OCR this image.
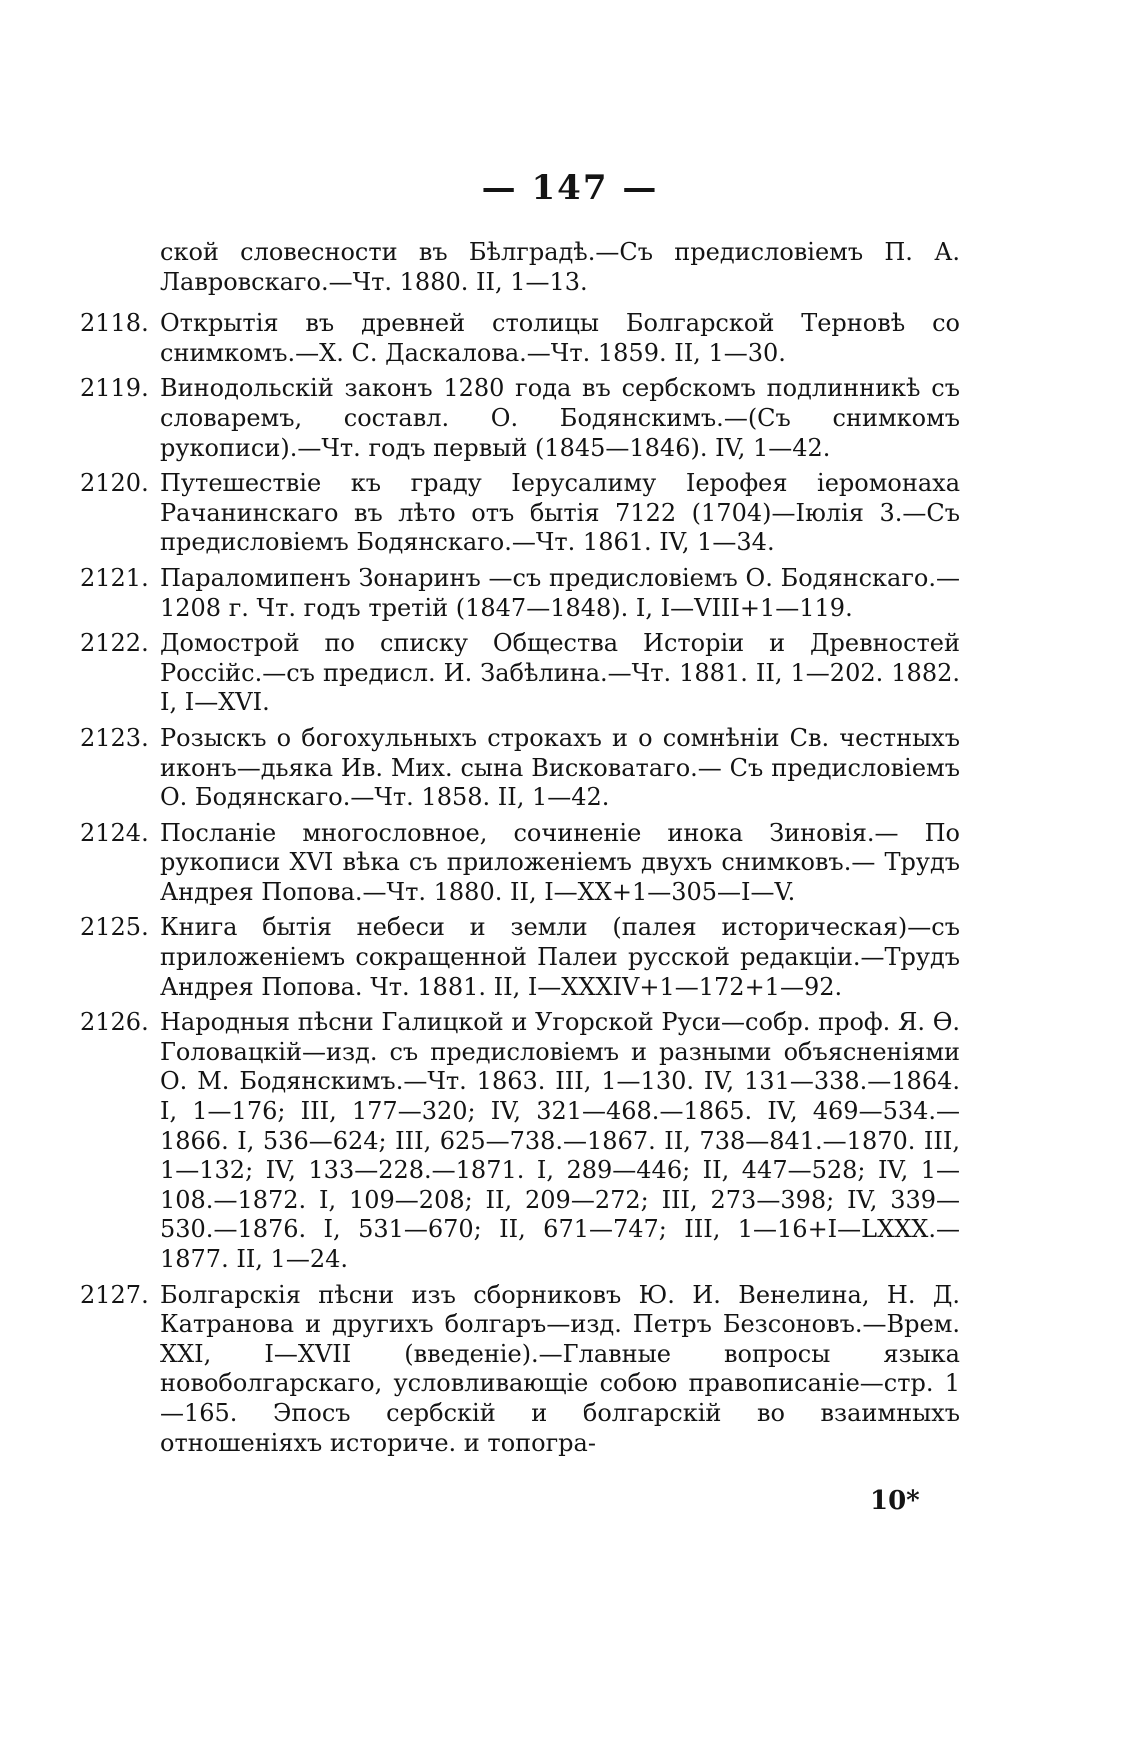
— 147 —
ской словесности въ Бѣлградѣ.—Съ предисловіемъ П. А. Лавровскаго.—Чт. 1880. II, 1—13.
2118. Открытія въ древней столицы Болгарской Терновѣ со снимкомъ.—Х. С. Даскалова.—Чт. 1859. II, 1—30.
2119. Винодольскій законъ 1280 года въ сербскомъ подлинникѣ съ словаремъ, составл. О. Бодянскимъ.—(Съ снимкомъ рукописи).—Чт. годъ первый (1845—1846). IV, 1—42.
2120. Путешествіе къ граду Іерусалиму Іерофея іеромонаха Рачанинскаго въ лѣто отъ бытія 7122 (1704)—Іюлія 3.—Съ предисловіемъ Бодянскаго.—Чт. 1861. IV, 1—34.
2121. Параломипенъ Зонаринъ —съ предисловіемъ О. Бодянскаго.—1208 г. Чт. годъ третій (1847—1848). I, I—VIII+1—119.
2122. Домострой по списку Общества Исторіи и Древностей Россійс.—съ предисл. И. Забѣлина.—Чт. 1881. II, 1—202. 1882. I, I—XVI.
2123. Розыскъ о богохульныхъ строкахъ и о сомнѣніи Св. честныхъ иконъ—дьяка Ив. Мих. сына Висковатаго.— Съ предисловіемъ О. Бодянскаго.—Чт. 1858. II, 1—42.
2124. Посланіе многословное, сочиненіе инока Зиновія.— По рукописи XVI вѣка съ приложеніемъ двухъ снимковъ.— Трудъ Андрея Попова.—Чт. 1880. II, I—XX+1—305—I—V.
2125. Книга бытія небеси и земли (палея историческая)—съ приложеніемъ сокращенной Палеи русской редакціи.—Трудъ Андрея Попова. Чт. 1881. II, I—XXXIV+1—172+1—92.
2126. Народныя пѣсни Галицкой и Угорской Руси—собр. проф. Я. Ѳ. Головацкій—изд. съ предисловіемъ и разными объясненіями О. М. Бодянскимъ.—Чт. 1863. III, 1—130. IV, 131—338.—1864. I, 1—176; III, 177—320; IV, 321—468.—1865. IV, 469—534.—1866. I, 536—624; III, 625—738.—1867. II, 738—841.—1870. III, 1—132; IV, 133—228.—1871. I, 289—446; II, 447—528; IV, 1—108.—1872. I, 109—208; II, 209—272; III, 273—398; IV, 339—530.—1876. I, 531—670; II, 671—747; III, 1—16+I—LXXX.—1877. II, 1—24.
2127. Болгарскія пѣсни изъ сборниковъ Ю. И. Венелина, Н. Д. Катранова и другихъ болгаръ—изд. Петръ Безсоновъ.—Врем. XXI, I—XVII (введеніе).—Главные вопросы языка новоболгарскаго, условливающіе собою правописаніе—стр. 1—165. Эпосъ сербскій и болгарскій во взаимныхъ отношеніяхъ историче. и топогра-
10*
